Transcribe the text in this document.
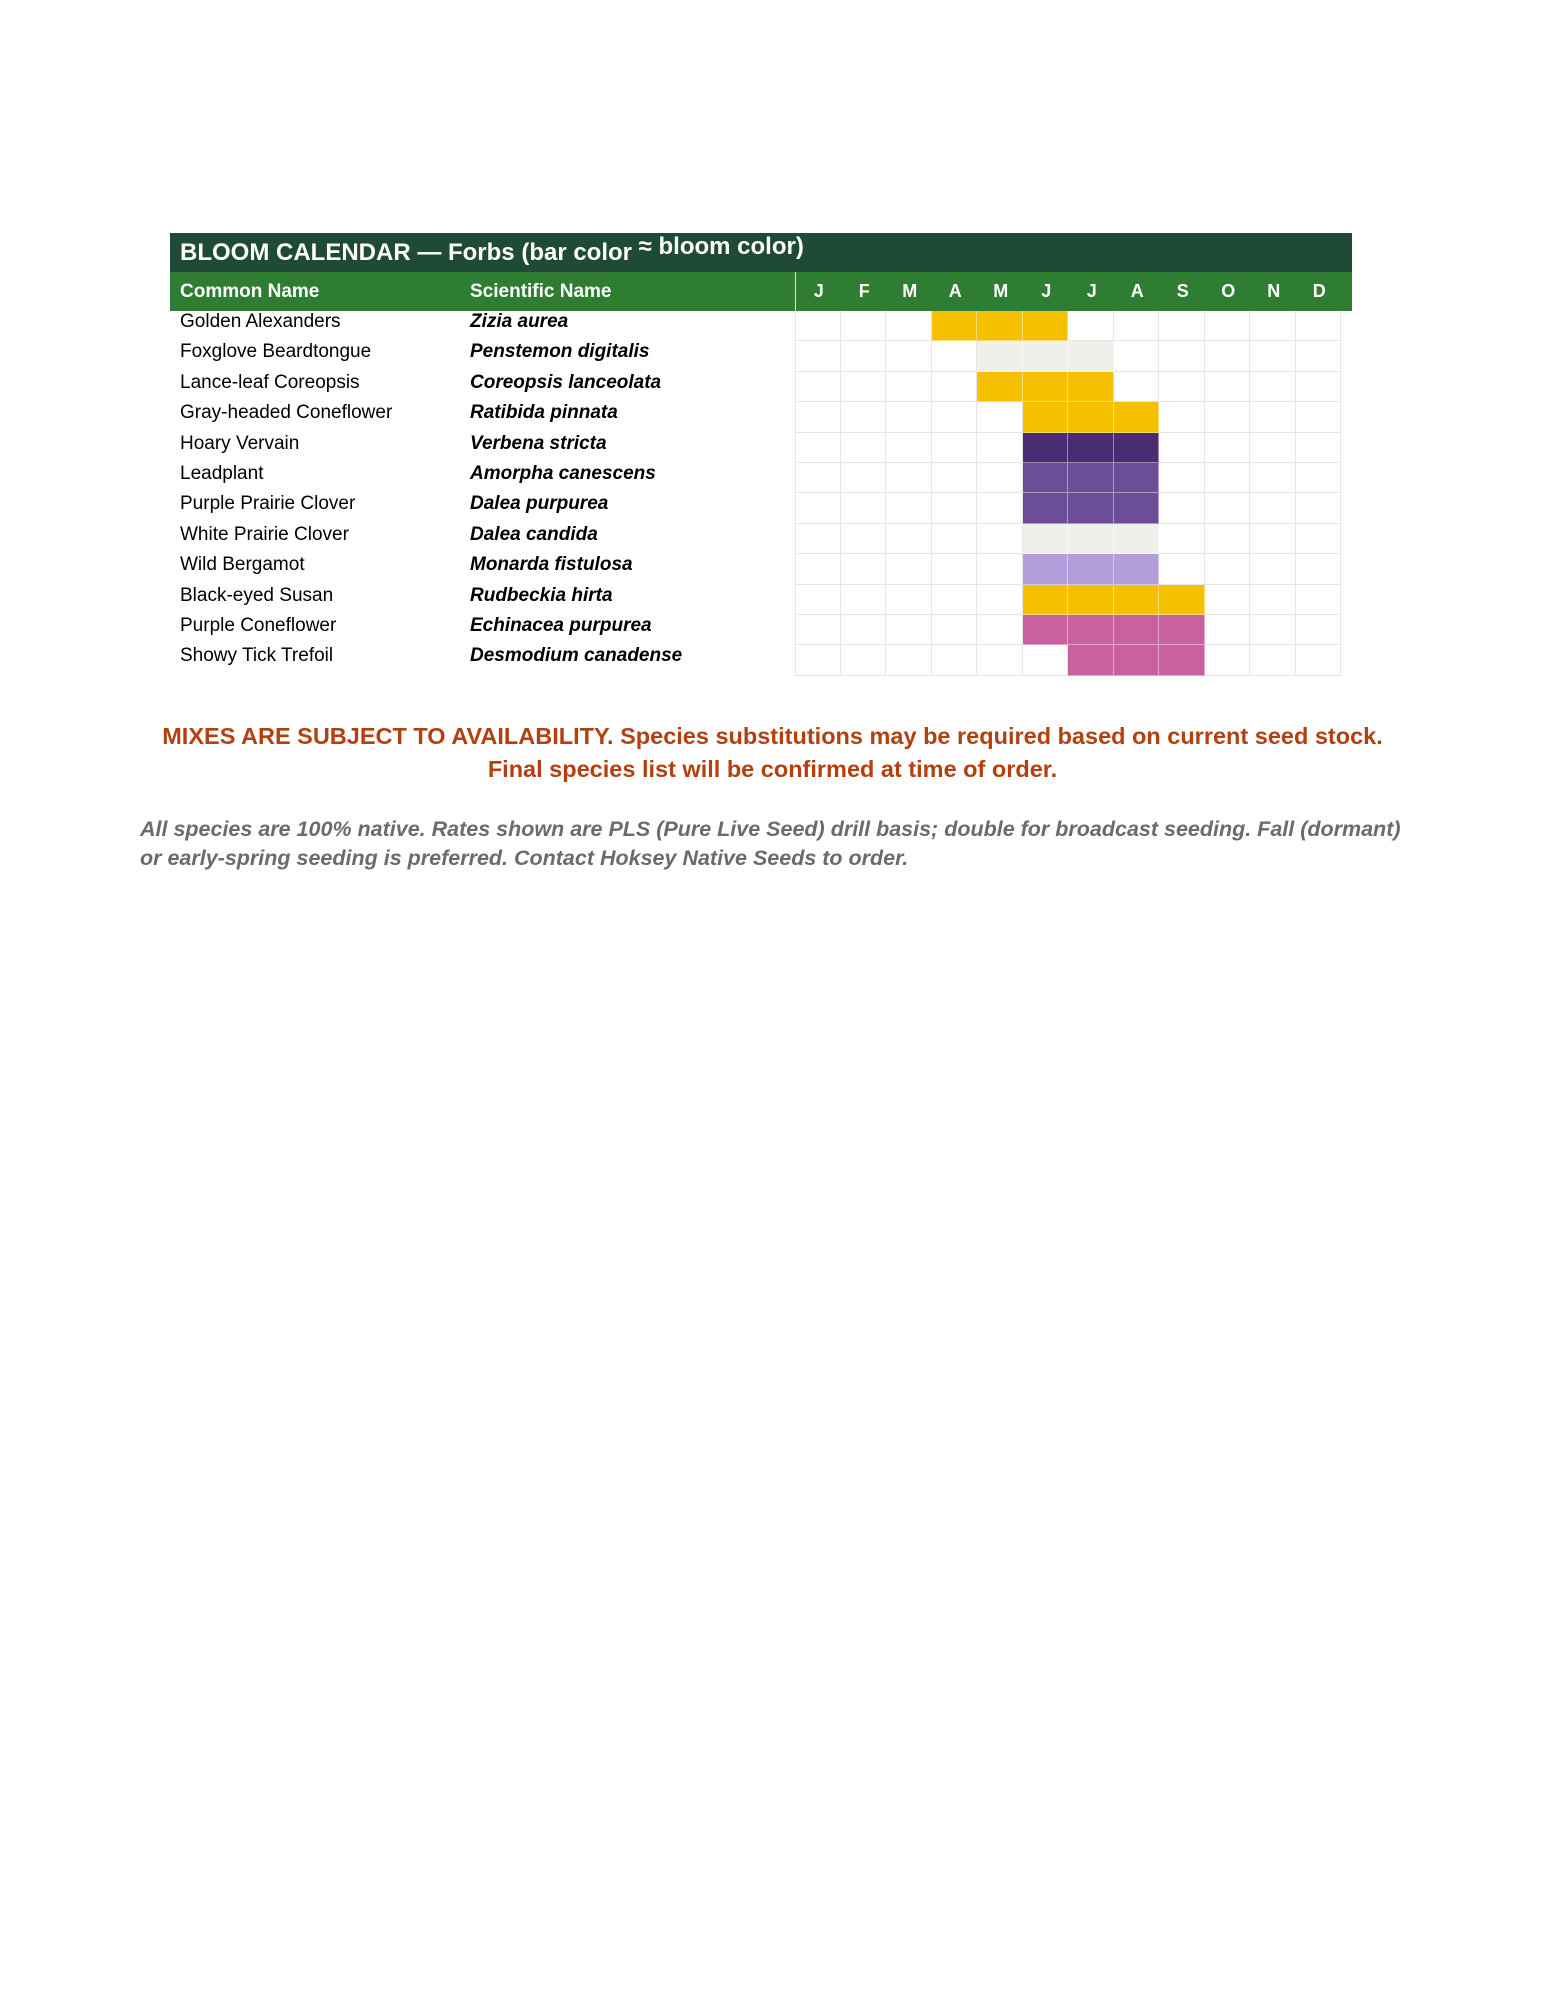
BLOOM CALENDAR — Forbs (bar color ≈ bloom color)
Common Name	Scientific Name	J	F	M	A	M	J	J	A	S	O	N	D
Golden Alexanders	Zizia aurea
Foxglove Beardtongue	Penstemon digitalis
Lance-leaf Coreopsis	Coreopsis lanceolata
Gray-headed Coneflower	Ratibida pinnata
Hoary Vervain	Verbena stricta
Leadplant	Amorpha canescens
Purple Prairie Clover	Dalea purpurea
White Prairie Clover	Dalea candida
Wild Bergamot	Monarda fistulosa
Black-eyed Susan	Rudbeckia hirta
Purple Coneflower	Echinacea purpurea
Showy Tick Trefoil	Desmodium canadense
MIXES ARE SUBJECT TO AVAILABILITY. Species substitutions may be required based on current seed stock. Final species list will be confirmed at time of order.
All species are 100% native. Rates shown are PLS (Pure Live Seed) drill basis; double for broadcast seeding. Fall (dormant) or early-spring seeding is preferred. Contact Hoksey Native Seeds to order.
